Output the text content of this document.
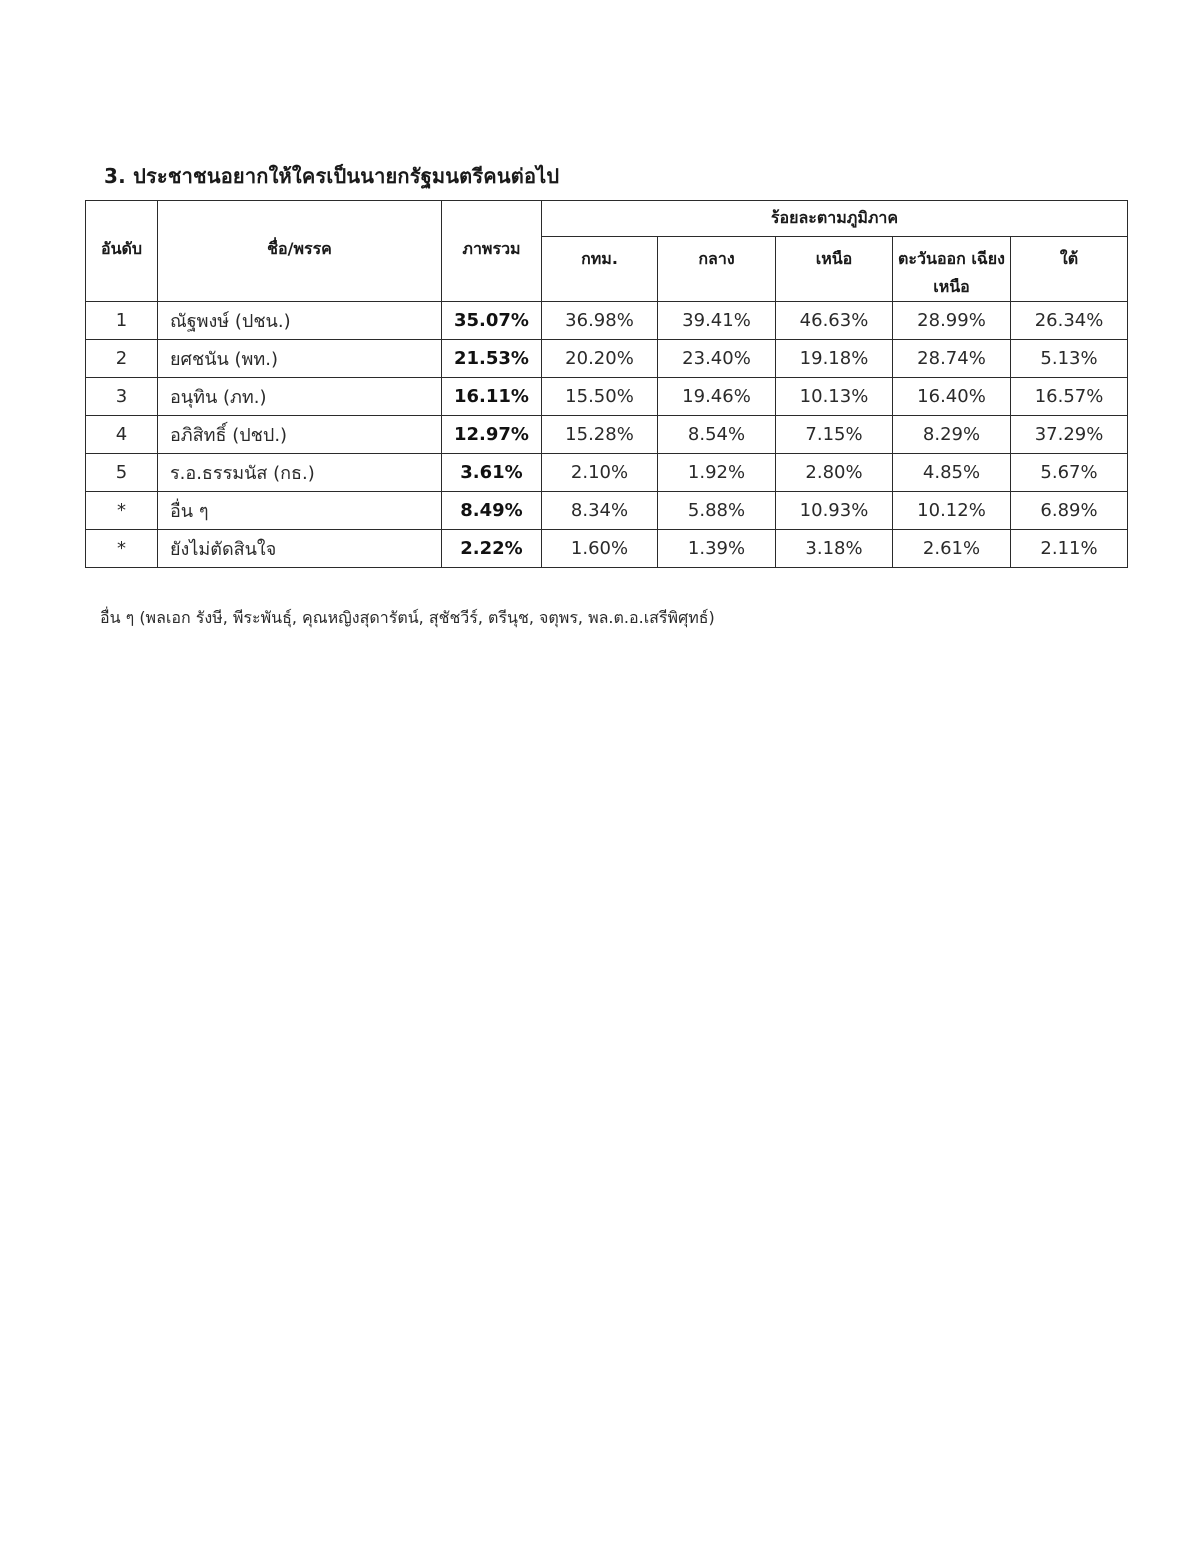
3. ประชาชนอยากให้ใครเป็นนายกรัฐมนตรีคนต่อไป
อันดับ	ชื่อ/พรรค	ภาพรวม	ร้อยละตามภูมิภาค				
			กทม.	กลาง	เหนือ	ตะวันออก เฉียงเหนือ	ใต้
1	ณัฐพงษ์ (ปชน.)	35.07%	36.98%	39.41%	46.63%	28.99%	26.34%
2	ยศชนัน (พท.)	21.53%	20.20%	23.40%	19.18%	28.74%	5.13%
3	อนุทิน (ภท.)	16.11%	15.50%	19.46%	10.13%	16.40%	16.57%
4	อภิสิทธิ์ (ปชป.)	12.97%	15.28%	8.54%	7.15%	8.29%	37.29%
5	ร.อ.ธรรมนัส (กธ.)	3.61%	2.10%	1.92%	2.80%	4.85%	5.67%
*	อื่น ๆ	8.49%	8.34%	5.88%	10.93%	10.12%	6.89%
*	ยังไม่ตัดสินใจ	2.22%	1.60%	1.39%	3.18%	2.61%	2.11%
อื่น ๆ (พลเอก รังษี, พีระพันธุ์, คุณหญิงสุดารัตน์, สุชัชวีร์, ตรีนุช, จตุพร, พล.ต.อ.เสรีพิศุทธ์)
